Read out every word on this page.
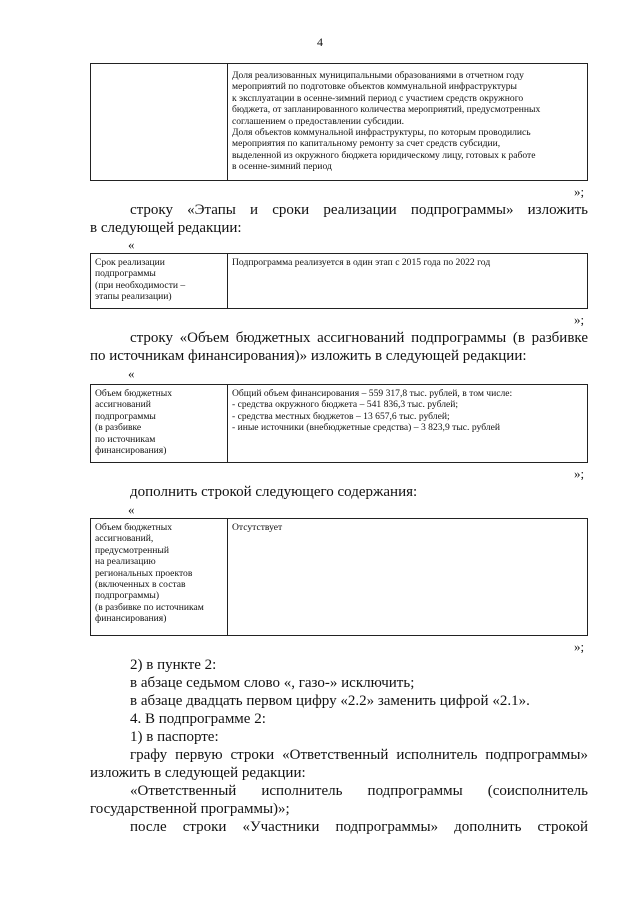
4
Доля реализованных муниципальными образованиями в отчетном году
мероприятий по подготовке объектов коммунальной инфраструктуры
к эксплуатации в осенне-зимний период с участием средств окружного
бюджета, от запланированного количества мероприятий, предусмотренных
соглашением о предоставлении субсидии.
Доля объектов коммунальной инфраструктуры, по которым проводились
мероприятия по капитальному ремонту за счет средств субсидии,
выделенной из окружного бюджета юридическому лицу, готовых к работе
в осенне-зимний период
»;
строку «Этапы и сроки реализации подпрограммы» изложить
в следующей редакции:
«
Срок реализации
подпрограммы
(при необходимости –
этапы реализации)
Подпрограмма реализуется в один этап с 2015 года по 2022 год
»;
строку «Объем бюджетных ассигнований подпрограммы (в разбивке
по источникам финансирования)» изложить в следующей редакции:
«
Объем бюджетных
ассигнований
подпрограммы
(в разбивке
по источникам
финансирования)
Общий объем финансирования – 559 317,8 тыс. рублей, в том числе:
- средства окружного бюджета – 541 836,3 тыс. рублей;
- средства местных бюджетов – 13 657,6 тыс. рублей;
- иные источники (внебюджетные средства) – 3 823,9 тыс. рублей
»;
дополнить строкой следующего содержания:
«
Объем бюджетных
ассигнований,
предусмотренный
на реализацию
региональных проектов
(включенных в состав
подпрограммы)
(в разбивке по источникам
финансирования)
Отсутствует
»;
2) в пункте 2:
в абзаце седьмом слово «, газо-» исключить;
в абзаце двадцать первом цифру «2.2» заменить цифрой «2.1».
4. В подпрограмме 2:
1) в паспорте:
графу первую строки «Ответственный исполнитель подпрограммы»
изложить в следующей редакции:
«Ответственный исполнитель подпрограммы (соисполнитель
государственной программы)»;
после строки «Участники подпрограммы» дополнить строкой
